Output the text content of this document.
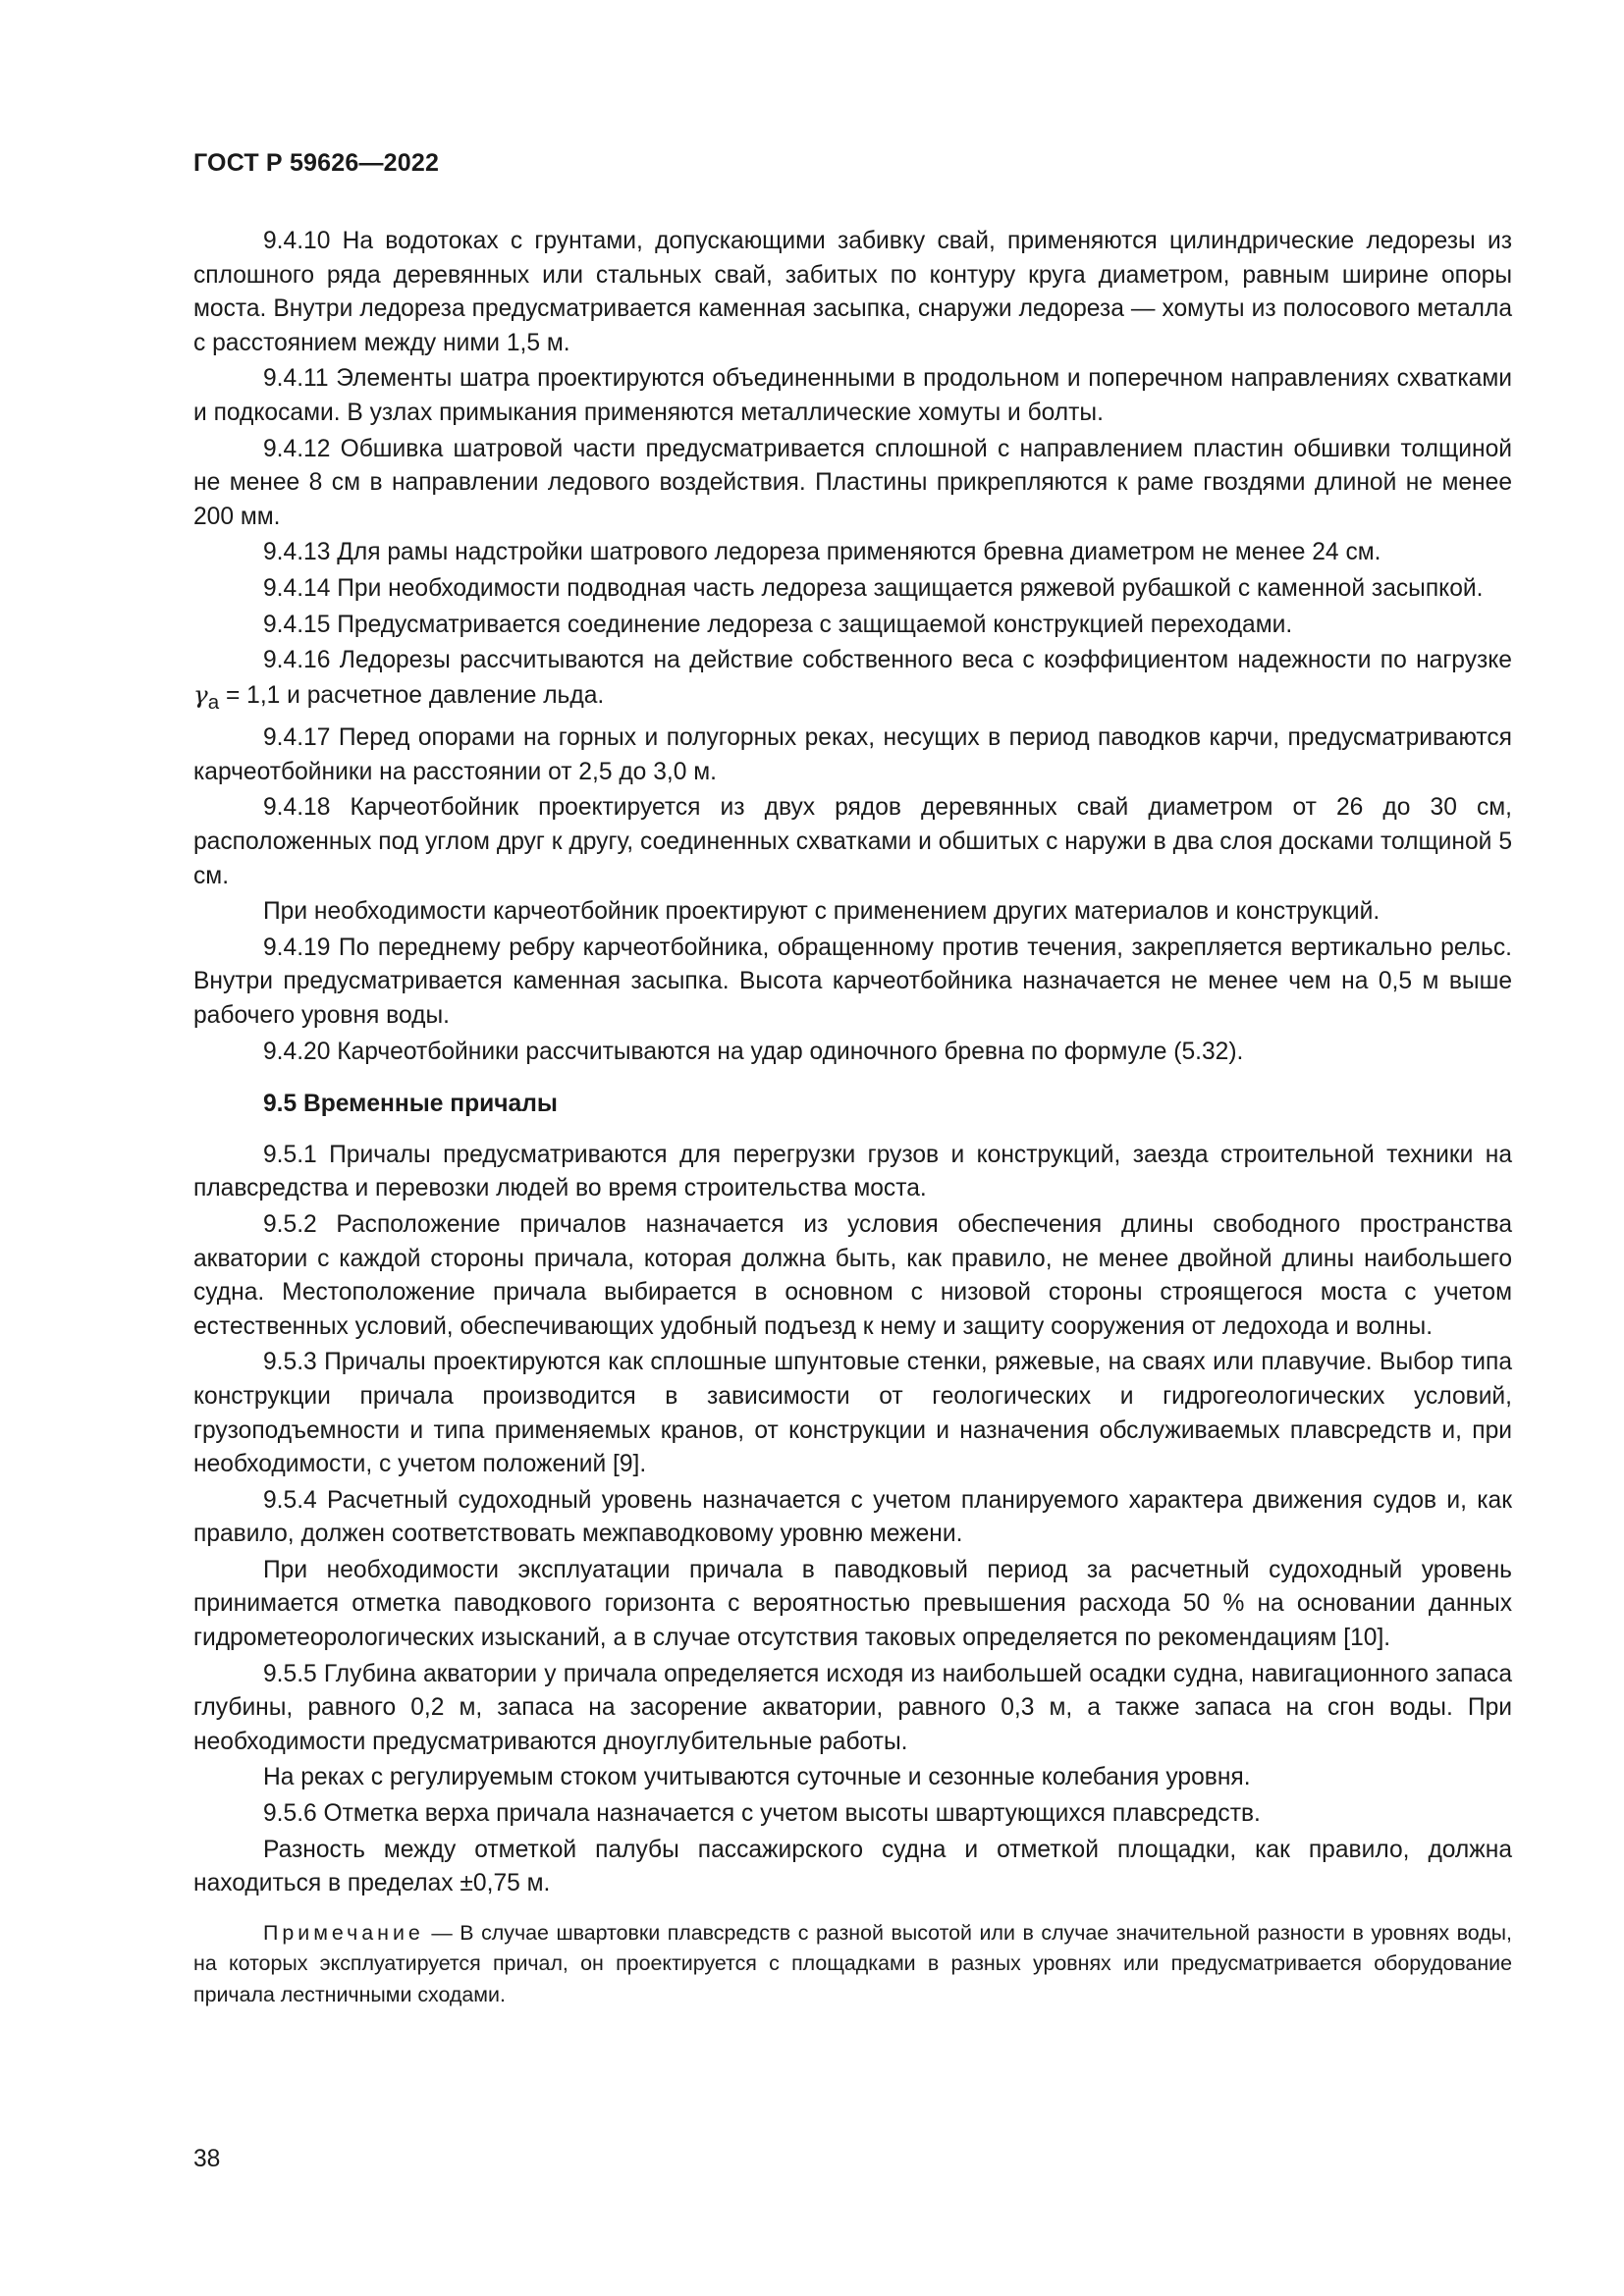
ГОСТ Р 59626—2022

9.4.10 На водотоках с грунтами, допускающими забивку свай, применяются цилиндрические ледорезы из сплошного ряда деревянных или стальных свай, забитых по контуру круга диаметром, равным ширине опоры моста. Внутри ледореза предусматривается каменная засыпка, снаружи ледореза — хомуты из полосового металла с расстоянием между ними 1,5 м.

9.4.11 Элементы шатра проектируются объединенными в продольном и поперечном направлениях схватками и подкосами. В узлах примыкания применяются металлические хомуты и болты.

9.4.12 Обшивка шатровой части предусматривается сплошной с направлением пластин обшивки толщиной не менее 8 см в направлении ледового воздействия. Пластины прикрепляются к раме гвоздями длиной не менее 200 мм.

9.4.13 Для рамы надстройки шатрового ледореза применяются бревна диаметром не менее 24 см.

9.4.14 При необходимости подводная часть ледореза защищается ряжевой рубашкой с каменной засыпкой.

9.4.15 Предусматривается соединение ледореза с защищаемой конструкцией переходами.

9.4.16 Ледорезы рассчитываются на действие собственного веса с коэффициентом надежности по нагрузке $\gamma_a = 1,1$ и расчетное давление льда.

9.4.17 Перед опорами на горных и полугорных реках, несущих в период паводков карчи, предусматриваются карчеотбойники на расстоянии от 2,5 до 3,0 м.

9.4.18 Карчеотбойник проектируется из двух рядов деревянных свай диаметром от 26 до 30 см, расположенных под углом друг к другу, соединенных схватками и обшитых с наружи в два слоя досками толщиной 5 см.

При необходимости карчеотбойник проектируют с применением других материалов и конструкций.

9.4.19 По переднему ребру карчеотбойника, обращенному против течения, закрепляется вертикально рельс. Внутри предусматривается каменная засыпка. Высота карчеотбойника назначается не менее чем на 0,5 м выше рабочего уровня воды.

9.4.20 Карчеотбойники рассчитываются на удар одиночного бревна по формуле (5.32).

9.5 Временные причалы

9.5.1 Причалы предусматриваются для перегрузки грузов и конструкций, заезда строительной техники на плавсредства и перевозки людей во время строительства моста.

9.5.2 Расположение причалов назначается из условия обеспечения длины свободного пространства акватории с каждой стороны причала, которая должна быть, как правило, не менее двойной длины наибольшего судна. Местоположение причала выбирается в основном с низовой стороны строящегося моста с учетом естественных условий, обеспечивающих удобный подъезд к нему и защиту сооружения от ледохода и волны.

9.5.3 Причалы проектируются как сплошные шпунтовые стенки, ряжевые, на сваях или плавучие. Выбор типа конструкции причала производится в зависимости от геологических и гидрогеологических условий, грузоподъемности и типа применяемых кранов, от конструкции и назначения обслуживаемых плавсредств и, при необходимости, с учетом положений [9].

9.5.4 Расчетный судоходный уровень назначается с учетом планируемого характера движения судов и, как правило, должен соответствовать межпаводковому уровню межени.

При необходимости эксплуатации причала в паводковый период за расчетный судоходный уровень принимается отметка паводкового горизонта с вероятностью превышения расхода 50 % на основании данных гидрометеорологических изысканий, а в случае отсутствия таковых определяется по рекомендациям [10].

9.5.5 Глубина акватории у причала определяется исходя из наибольшей осадки судна, навигационного запаса глубины, равного 0,2 м, запаса на засорение акватории, равного 0,3 м, а также запаса на сгон воды. При необходимости предусматриваются дноуглубительные работы.

На реках с регулируемым стоком учитываются суточные и сезонные колебания уровня.

9.5.6 Отметка верха причала назначается с учетом высоты швартующихся плавсредств.

Разность между отметкой палубы пассажирского судна и отметкой площадки, как правило, должна находиться в пределах ±0,75 м.

Примечание — В случае швартовки плавсредств с разной высотой или в случае значительной разности в уровнях воды, на которых эксплуатируется причал, он проектируется с площадками в разных уровнях или предусматривается оборудование причала лестничными сходами.

38
